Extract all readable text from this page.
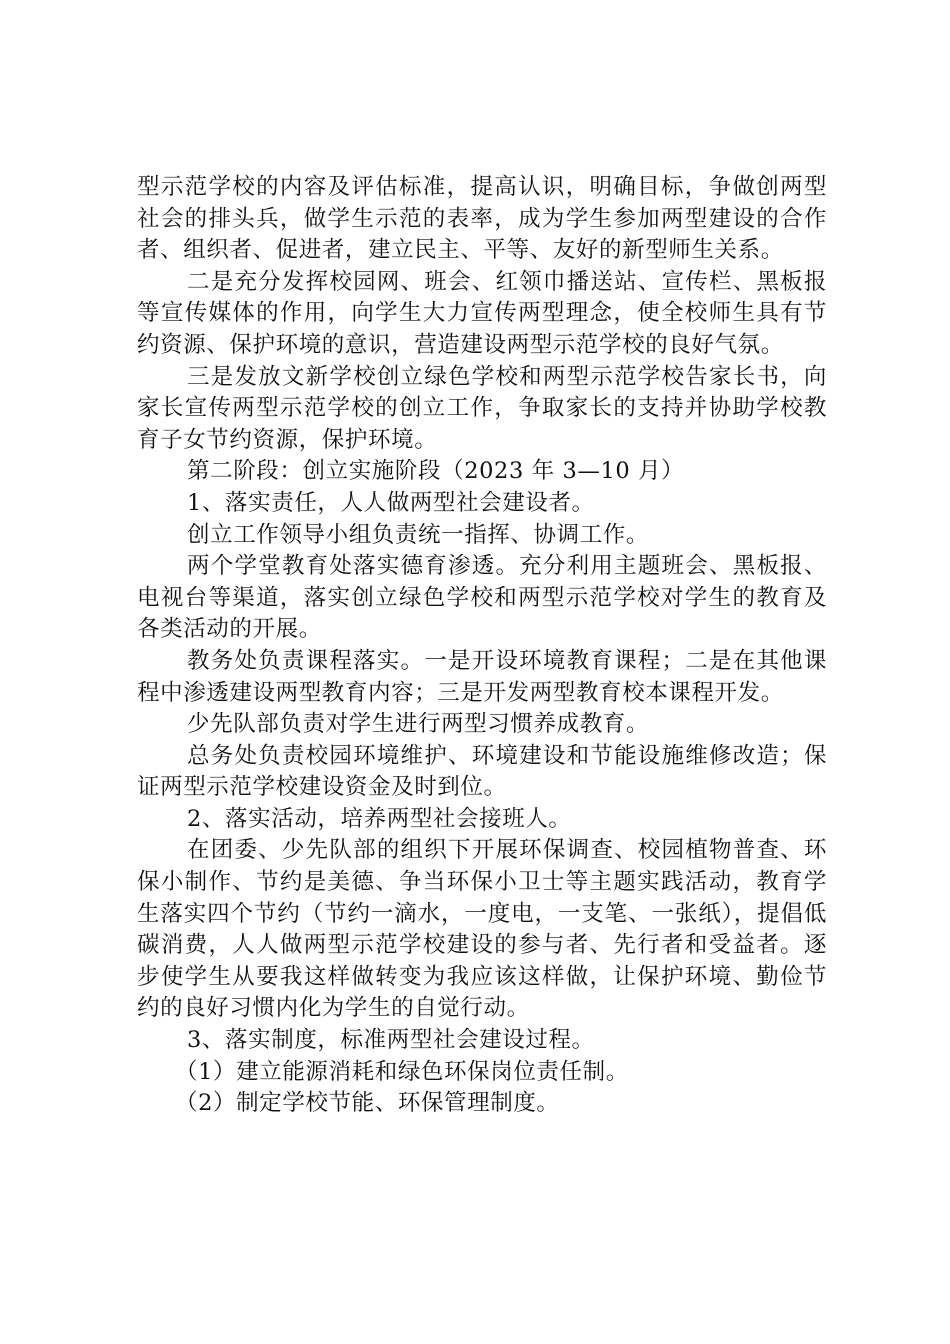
型示范学校的内容及评估标准，提高认识，明确目标，争做创两型社会的排头兵，做学生示范的表率，成为学生参加两型建设的合作者、组织者、促进者，建立民主、平等、友好的新型师生关系。

二是充分发挥校园网、班会、红领巾播送站、宣传栏、黑板报等宣传媒体的作用，向学生大力宣传两型理念，使全校师生具有节约资源、保护环境的意识，营造建设两型示范学校的良好气氛。

三是发放文新学校创立绿色学校和两型示范学校告家长书，向家长宣传两型示范学校的创立工作，争取家长的支持并协助学校教育子女节约资源，保护环境。

第二阶段：创立实施阶段（2023 年 3—10 月）

1、落实责任，人人做两型社会建设者。

创立工作领导小组负责统一指挥、协调工作。

两个学堂教育处落实德育渗透。充分利用主题班会、黑板报、电视台等渠道，落实创立绿色学校和两型示范学校对学生的教育及各类活动的开展。

教务处负责课程落实。一是开设环境教育课程；二是在其他课程中渗透建设两型教育内容；三是开发两型教育校本课程开发。

少先队部负责对学生进行两型习惯养成教育。

总务处负责校园环境维护、环境建设和节能设施维修改造；保证两型示范学校建设资金及时到位。

2、落实活动，培养两型社会接班人。

在团委、少先队部的组织下开展环保调查、校园植物普查、环保小制作、节约是美德、争当环保小卫士等主题实践活动，教育学生落实四个节约（节约一滴水，一度电，一支笔、一张纸），提倡低碳消费，人人做两型示范学校建设的参与者、先行者和受益者。逐步使学生从要我这样做转变为我应该这样做，让保护环境、勤俭节约的良好习惯内化为学生的自觉行动。

3、落实制度，标准两型社会建设过程。

（1）建立能源消耗和绿色环保岗位责任制。

（2）制定学校节能、环保管理制度。
